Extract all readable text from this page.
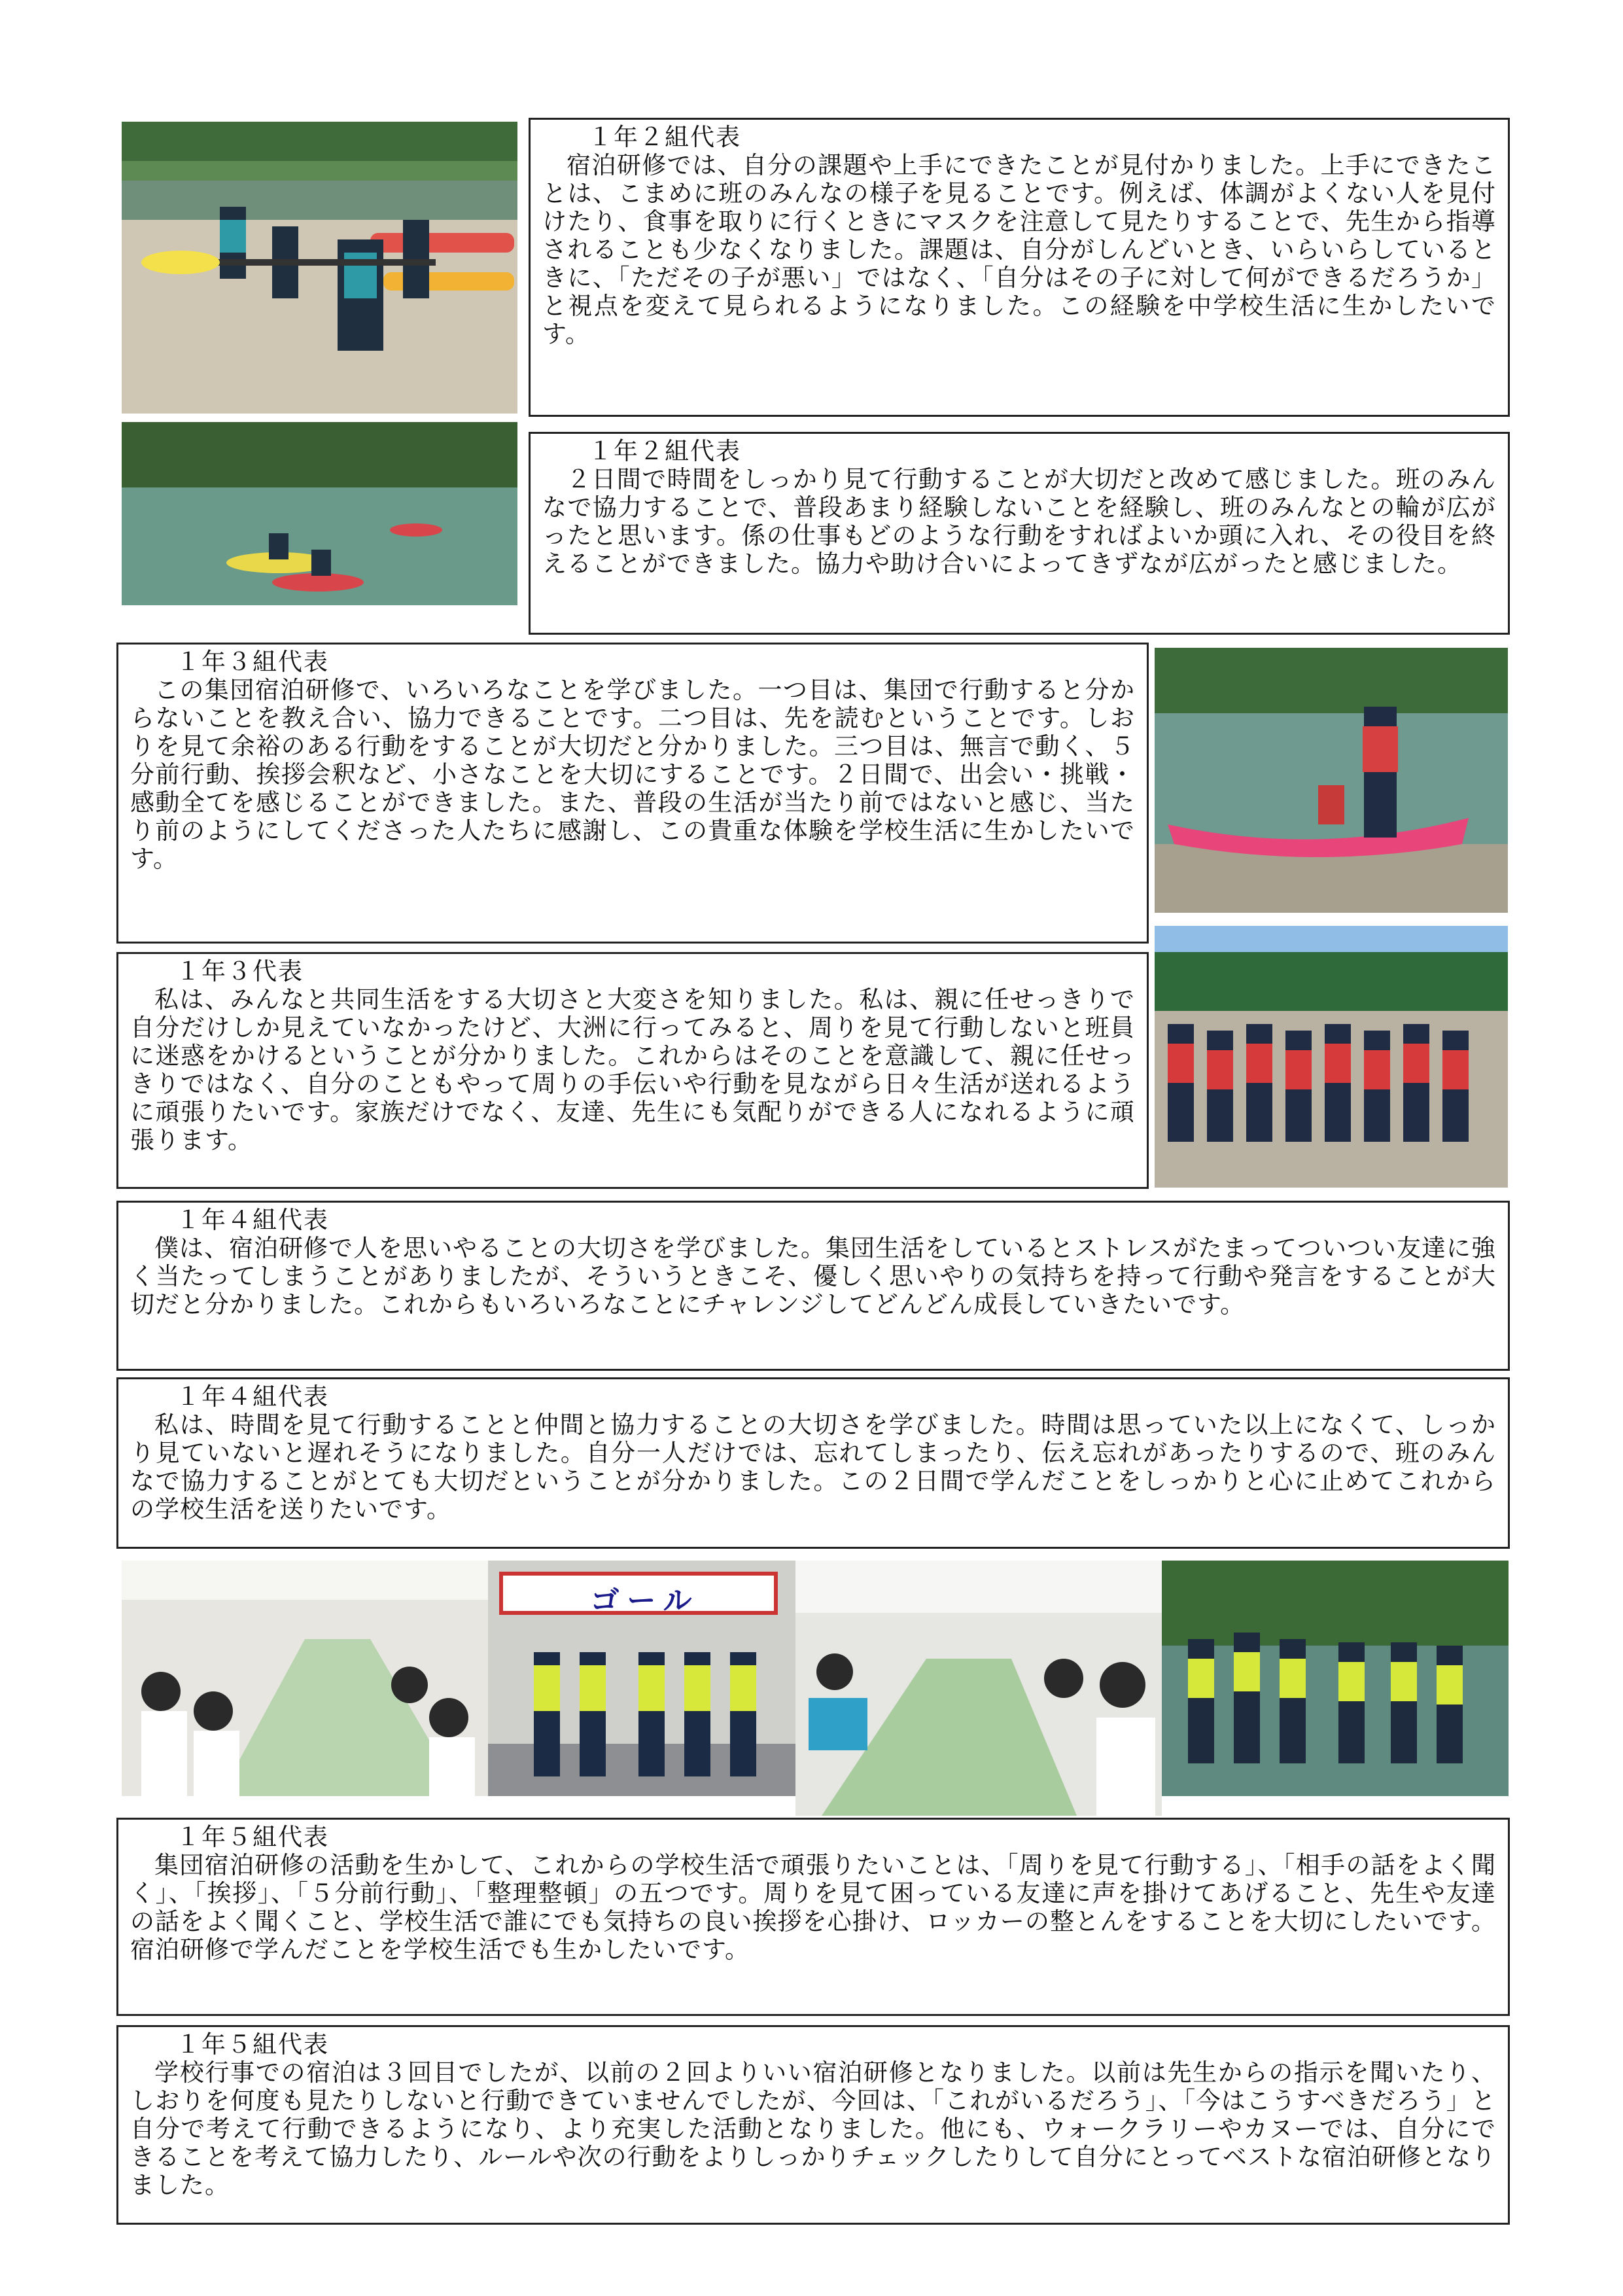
ゴール
１年２組代表
宿泊研修では、自分の課題や上手にできたことが見付かりました。上手にできたことは、こまめに班のみんなの様子を見ることです。例えば、体調がよくない人を見付けたり、食事を取りに行くときにマスクを注意して見たりすることで、先生から指導されることも少なくなりました。課題は、自分がしんどいとき、いらいらしているときに、「ただその子が悪い」ではなく、「自分はその子に対して何ができるだろうか」と視点を変えて見られるようになりました。この経験を中学校生活に生かしたいです。
１年２組代表
２日間で時間をしっかり見て行動することが大切だと改めて感じました。班のみんなで協力することで、普段あまり経験しないことを経験し、班のみんなとの輪が広がったと思います。係の仕事もどのような行動をすればよいか頭に入れ、その役目を終えることができました。協力や助け合いによってきずなが広がったと感じました。
１年３組代表
この集団宿泊研修で、いろいろなことを学びました。一つ目は、集団で行動すると分からないことを教え合い、協力できることです。二つ目は、先を読むということです。しおりを見て余裕のある行動をすることが大切だと分かりました。三つ目は、無言で動く、５分前行動、挨拶会釈など、小さなことを大切にすることです。２日間で、出会い・挑戦・感動全てを感じることができました。また、普段の生活が当たり前ではないと感じ、当たり前のようにしてくださった人たちに感謝し、この貴重な体験を学校生活に生かしたいです。
１年３代表
私は、みんなと共同生活をする大切さと大変さを知りました。私は、親に任せっきりで自分だけしか見えていなかったけど、大洲に行ってみると、周りを見て行動しないと班員に迷惑をかけるということが分かりました。これからはそのことを意識して、親に任せっきりではなく、自分のこともやって周りの手伝いや行動を見ながら日々生活が送れるように頑張りたいです。家族だけでなく、友達、先生にも気配りができる人になれるように頑張ります。
１年４組代表
僕は、宿泊研修で人を思いやることの大切さを学びました。集団生活をしているとストレスがたまってついつい友達に強く当たってしまうことがありましたが、そういうときこそ、優しく思いやりの気持ちを持って行動や発言をすることが大切だと分かりました。これからもいろいろなことにチャレンジしてどんどん成長していきたいです。
１年４組代表
私は、時間を見て行動することと仲間と協力することの大切さを学びました。時間は思っていた以上になくて、しっかり見ていないと遅れそうになりました。自分一人だけでは、忘れてしまったり、伝え忘れがあったりするので、班のみんなで協力することがとても大切だということが分かりました。この２日間で学んだことをしっかりと心に止めてこれからの学校生活を送りたいです。
１年５組代表
集団宿泊研修の活動を生かして、これからの学校生活で頑張りたいことは、「周りを見て行動する」、「相手の話をよく聞く」、「挨拶」、「５分前行動」、「整理整頓」の五つです。周りを見て困っている友達に声を掛けてあげること、先生や友達の話をよく聞くこと、学校生活で誰にでも気持ちの良い挨拶を心掛け、ロッカーの整とんをすることを大切にしたいです。宿泊研修で学んだことを学校生活でも生かしたいです。
１年５組代表
学校行事での宿泊は３回目でしたが、以前の２回よりいい宿泊研修となりました。以前は先生からの指示を聞いたり、しおりを何度も見たりしないと行動できていませんでしたが、今回は、「これがいるだろう」、「今はこうすべきだろう」と自分で考えて行動できるようになり、より充実した活動となりました。他にも、ウォークラリーやカヌーでは、自分にできることを考えて協力したり、ルールや次の行動をよりしっかりチェックしたりして自分にとってベストな宿泊研修となりました。
